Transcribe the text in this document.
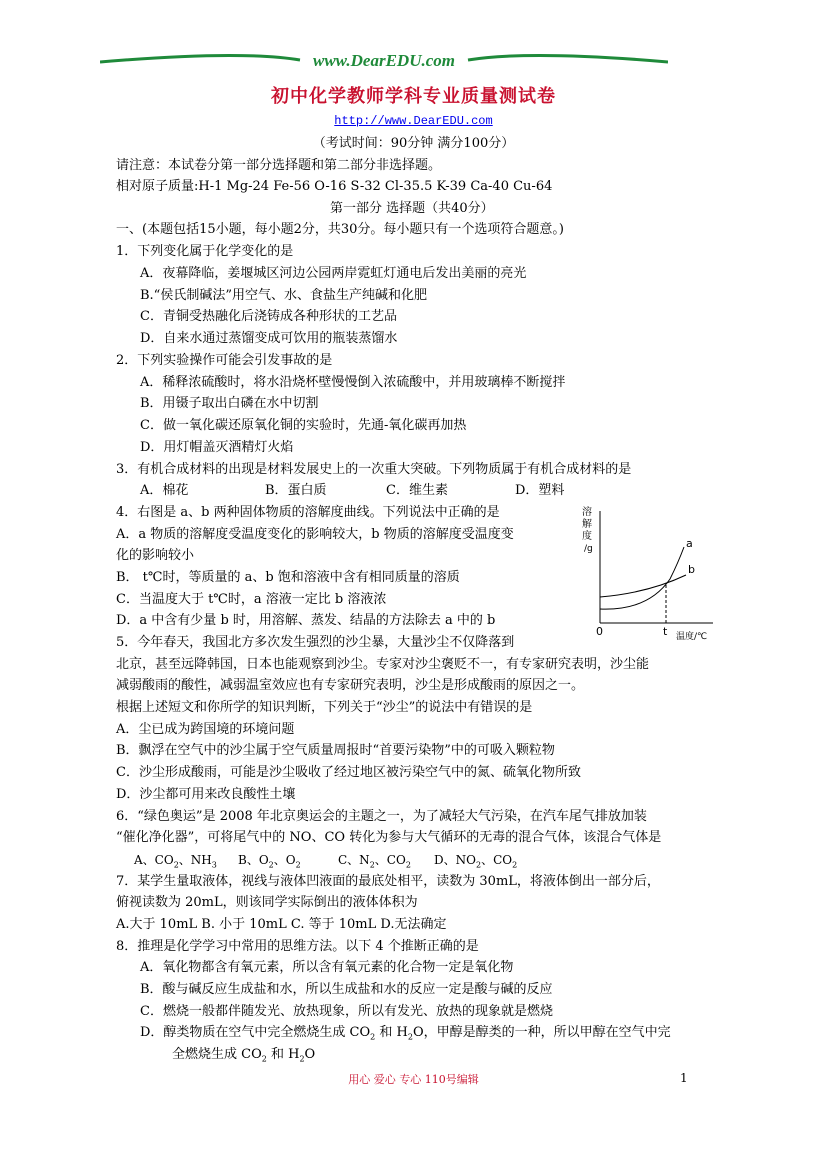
www.DearEDU.com
初中化学教师学科专业质量测试卷
http://www.DearEDU.com
（考试时间：90分钟 满分100分）
请注意：本试卷分第一部分选择题和第二部分非选择题。
相对原子质量:H-1 Mg-24 Fe-56 O-16 S-32 Cl-35.5 K-39 Ca-40 Cu-64
第一部分 选择题（共40分）
一、(本题包括15小题，每小题2分，共30分。每小题只有一个选项符合题意。)
1．下列变化属于化学变化的是
A．夜幕降临，姜堰城区河边公园两岸霓虹灯通电后发出美丽的亮光
B.“侯氏制碱法”用空气、水、食盐生产纯碱和化肥
C．青铜受热融化后浇铸成各种形状的工艺品
D．自来水通过蒸馏变成可饮用的瓶装蒸馏水
2．下列实验操作可能会引发事故的是
A．稀释浓硫酸时，将水沿烧杯壁慢慢倒入浓硫酸中，并用玻璃棒不断搅拌
B．用镊子取出白磷在水中切割
C．做一氧化碳还原氧化铜的实验时，先通-氧化碳再加热
D．用灯帽盖灭酒精灯火焰
3．有机合成材料的出现是材料发展史上的一次重大突破。下列物质属于有机合成材料的是
A．棉花	B．蛋白质	C．维生素	D．塑料
4．右图是 a、b 两种固体物质的溶解度曲线。下列说法中正确的是
A．a 物质的溶解度受温度变化的影响较大，b 物质的溶解度受温度变
化的影响较小
B． t℃时，等质量的 a、b 饱和溶液中含有相同质量的溶质
C．当温度大于 t℃时，a 溶液一定比 b 溶液浓
D．a 中含有少量 b 时，用溶解、蒸发、结晶的方法除去 a 中的 b
溶
解
度
/g	a
b
0	t 温度/℃
5．今年春天，我国北方多次发生强烈的沙尘暴，大量沙尘不仅降落到
北京，甚至远降韩国，日本也能观察到沙尘。专家对沙尘褒贬不一，有专家研究表明，沙尘能
减弱酸雨的酸性，减弱温室效应也有专家研究表明，沙尘是形成酸雨的原因之一。
根据上述短文和你所学的知识判断，下列关于“沙尘”的说法中有错误的是
A．尘已成为跨国境的环境问题
B．飘浮在空气中的沙尘属于空气质量周报时“首要污染物”中的可吸入颗粒物
C．沙尘形成酸雨，可能是沙尘吸收了经过地区被污染空气中的氮、硫氧化物所致
D．沙尘都可用来改良酸性土壤
6．“绿色奥运”是 2008 年北京奥运会的主题之一，为了减轻大气污染，在汽车尾气排放加装
“催化净化器”，可将尾气中的 NO、CO 转化为参与大气循环的无毒的混合气体，该混合气体是
A、$CO_2$、$NH_3$ B、$O_2$、$O_2$	C、$N_2$、$CO_2$ D、$NO_2$、$CO_2$
7．某学生量取液体，视线与液体凹液面的最底处相平，读数为 30mL，将液体倒出一部分后，
俯视读数为 20mL，则该同学实际倒出的液体体积为
A.大于 10mL B. 小于 10mL C. 等于 10mL D.无法确定
8．推理是化学学习中常用的思维方法。以下 4 个推断正确的是
A．氧化物都含有氧元素，所以含有氧元素的化合物一定是氧化物
B．酸与碱反应生成盐和水，所以生成盐和水的反应一定是酸与碱的反应
C．燃烧一般都伴随发光、放热现象，所以有发光、放热的现象就是燃烧
D．醇类物质在空气中完全燃烧生成 $CO_2$ 和 $H_2O$，甲醇是醇类的一种，所以甲醇在空气中完
全燃烧生成 $CO_2$ 和 $H_2O$
用心 爱心 专心 110号编辑	1
